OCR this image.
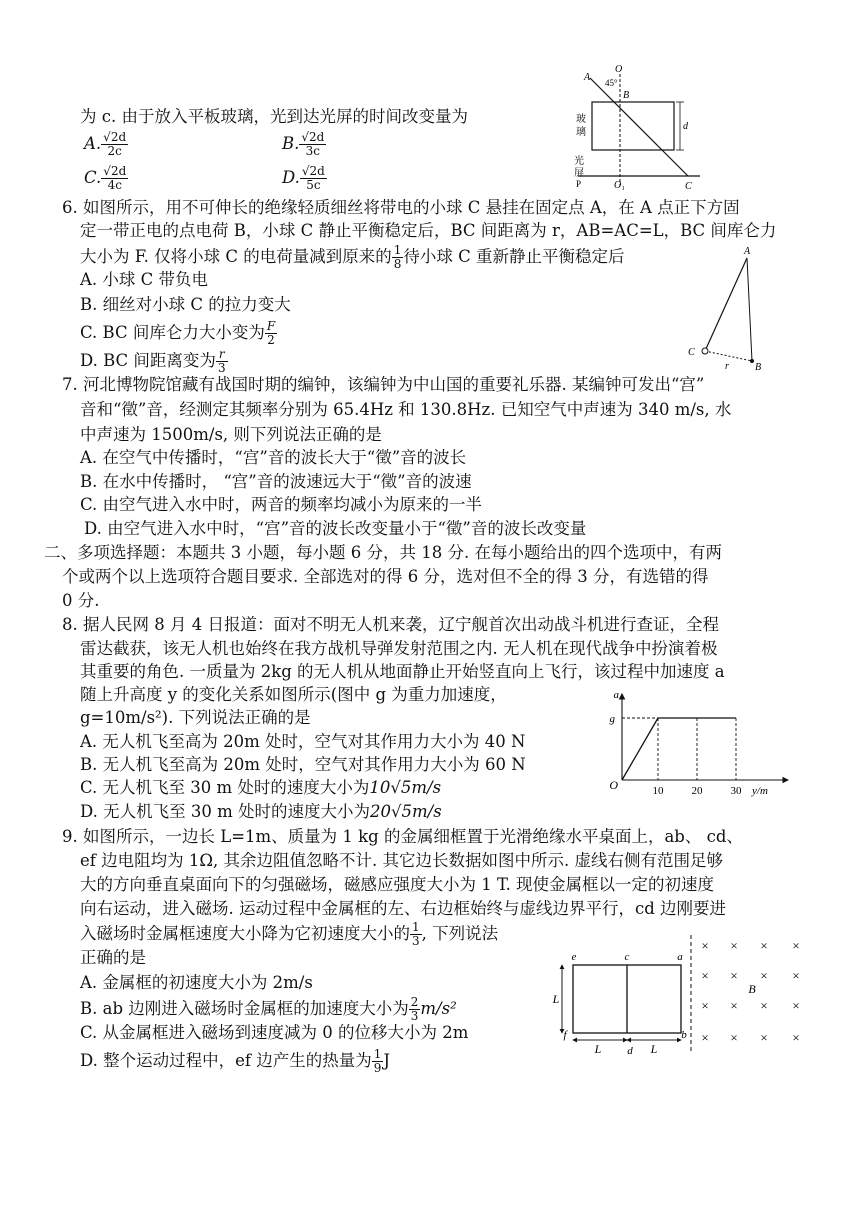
为 c. 由于放入平板玻璃，光到达光屏的时间改变量为
A. $\frac{√2d}{2c}$	B. $\frac{√2d}{3c}$
C. $\frac{√2d}{4c}$	D. $\frac{√2d}{5c}$
A
O
45°
B
d
玻
璃
光
屏
P	O₁	C
6. 如图所示，用不可伸长的绝缘轻质细丝将带电的小球 C 悬挂在固定点 A，在 A 点正下方固
定一带正电的点电荷 B，小球 C 静止平衡稳定后，BC 间距离为 r，AB=AC=L，BC 间库仑力
大小为 F. 仅将小球 C 的电荷量减到原来的 $\frac{1}{8}$ 待小球 C 重新静止平衡稳定后
A. 小球 C 带负电
B. 细丝对小球 C 的拉力变大
C. BC 间库仑力大小变为 $\frac{F}{2}$
D. BC 间距离变为 $\frac{r}{3}$
A
C
B
r
7. 河北博物院馆藏有战国时期的编钟，该编钟为中山国的重要礼乐器. 某编钟可发出“宫”
音和“徵”音，经测定其频率分别为 65.4Hz 和 130.8Hz. 已知空气中声速为 340 m/s, 水
中声速为 1500m/s, 则下列说法正确的是
A. 在空气中传播时，“宫”音的波长大于“徵”音的波长
B. 在水中传播时， “宫”音的波速远大于“徵”音的波速
C. 由空气进入水中时，两音的频率均减小为原来的一半
D. 由空气进入水中时，“宫”音的波长改变量小于“徵”音的波长改变量
二、多项选择题：本题共 3 小题，每小题 6 分，共 18 分. 在每小题给出的四个选项中，有两
个或两个以上选项符合题目要求. 全部选对的得 6 分，选对但不全的得 3 分，有选错的得
0 分.
8. 据人民网 8 月 4 日报道：面对不明无人机来袭，辽宁舰首次出动战斗机进行查证，全程
雷达截获，该无人机也始终在我方战机导弹发射范围之内. 无人机在现代战争中扮演着极
其重要的角色. 一质量为 2kg 的无人机从地面静止开始竖直向上飞行，该过程中加速度 a
随上升高度 y 的变化关系如图所示(图中 g 为重力加速度，
g=10m/s²). 下列说法正确的是
A. 无人机飞至高为 20m 处时，空气对其作用力大小为 40 N
B. 无人机飞至高为 20m 处时，空气对其作用力大小为 60 N
C. 无人机飞至 30 m 处时的速度大小为10√5m/s
D. 无人机飞至 30 m 处时的速度大小为20√5m/s
a
g
O	10	20	30 y/m
9. 如图所示，一边长 L=1m、质量为 1 kg 的金属细框置于光滑绝缘水平桌面上，ab、 cd、
ef 边电阻均为 1Ω, 其余边阻值忽略不计. 其它边长数据如图中所示. 虚线右侧有范围足够
大的方向垂直桌面向下的匀强磁场，磁感应强度大小为 1 T. 现使金属框以一定的初速度
向右运动，进入磁场. 运动过程中金属框的左、右边框始终与虚线边界平行，cd 边刚要进
入磁场时金属框速度大小降为它初速度大小的 $\frac{1}{3}$ , 下列说法
正确的是
A. 金属框的初速度大小为 2m/s
B. ab 边刚进入磁场时金属框的加速度大小为 $\frac{2}{3} m/s^2$
C. 从金属框进入磁场到速度减为 0 的位移大小为 2m
D. 整个运动过程中，ef 边产生的热量为 $\frac{1}{9}$ J
e	c	a
f
d
b
L
L	L
B
× × × ×
× × × ×
× × × ×
× × × ×
